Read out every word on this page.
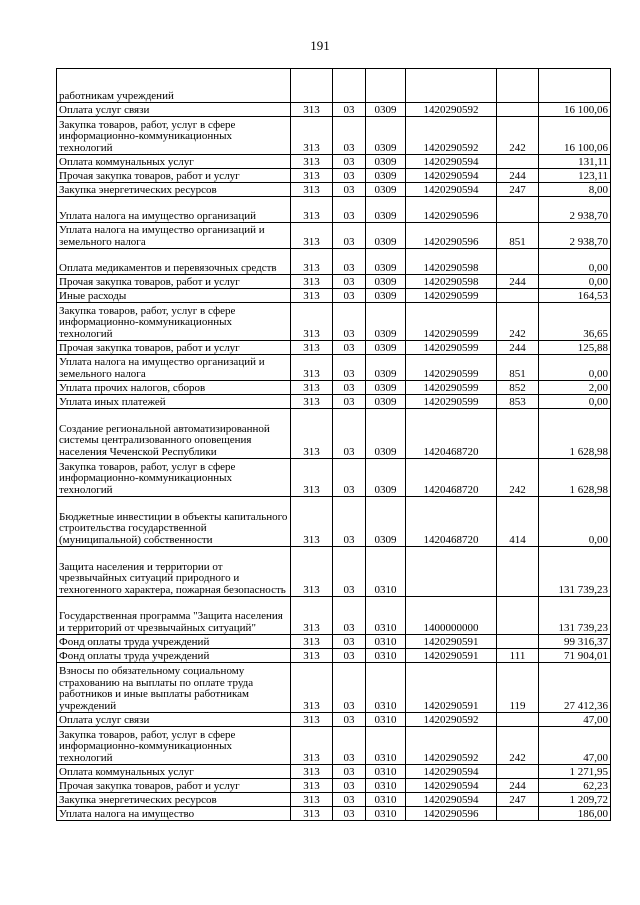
191
работникам учреждений						
Оплата услуг связи	313	03	0309	1420290592		16 100,06
Закупка товаров, работ, услуг в сфере информационно-коммуникационных технологий	313	03	0309	1420290592	242	16 100,06
Оплата коммунальных услуг	313	03	0309	1420290594		131,11
Прочая закупка товаров, работ и услуг	313	03	0309	1420290594	244	123,11
Закупка энергетических ресурсов	313	03	0309	1420290594	247	8,00
Уплата налога на имущество организаций	313	03	0309	1420290596		2 938,70
Уплата налога на имущество организаций и земельного налога	313	03	0309	1420290596	851	2 938,70
Оплата медикаментов и перевязочных средств	313	03	0309	1420290598		0,00
Прочая закупка товаров, работ и услуг	313	03	0309	1420290598	244	0,00
Иные расходы	313	03	0309	1420290599		164,53
Закупка товаров, работ, услуг в сфере информационно-коммуникационных технологий	313	03	0309	1420290599	242	36,65
Прочая закупка товаров, работ и услуг	313	03	0309	1420290599	244	125,88
Уплата налога на имущество организаций и земельного налога	313	03	0309	1420290599	851	0,00
Уплата прочих налогов, сборов	313	03	0309	1420290599	852	2,00
Уплата иных платежей	313	03	0309	1420290599	853	0,00
Создание региональной автоматизированной системы централизованного оповещения населения Чеченской Республики	313	03	0309	1420468720		1 628,98
Закупка товаров, работ, услуг в сфере информационно-коммуникационных технологий	313	03	0309	1420468720	242	1 628,98
Бюджетные инвестиции в объекты капитального строительства государственной (муниципальной) собственности	313	03	0309	1420468720	414	0,00
Защита населения и территории от чрезвычайных ситуаций природного и техногенного характера, пожарная безопасность	313	03	0310			131 739,23
Государственная программа "Защита населения и территорий от чрезвычайных ситуаций"	313	03	0310	1400000000		131 739,23
Фонд оплаты труда учреждений	313	03	0310	1420290591		99 316,37
Фонд оплаты труда учреждений	313	03	0310	1420290591	111	71 904,01
Взносы по обязательному социальному страхованию на выплаты по оплате труда работников и иные выплаты работникам учреждений	313	03	0310	1420290591	119	27 412,36
Оплата услуг связи	313	03	0310	1420290592		47,00
Закупка товаров, работ, услуг в сфере информационно-коммуникационных технологий	313	03	0310	1420290592	242	47,00
Оплата коммунальных услуг	313	03	0310	1420290594		1 271,95
Прочая закупка товаров, работ и услуг	313	03	0310	1420290594	244	62,23
Закупка энергетических ресурсов	313	03	0310	1420290594	247	1 209,72
Уплата налога на имущество	313	03	0310	1420290596		186,00
